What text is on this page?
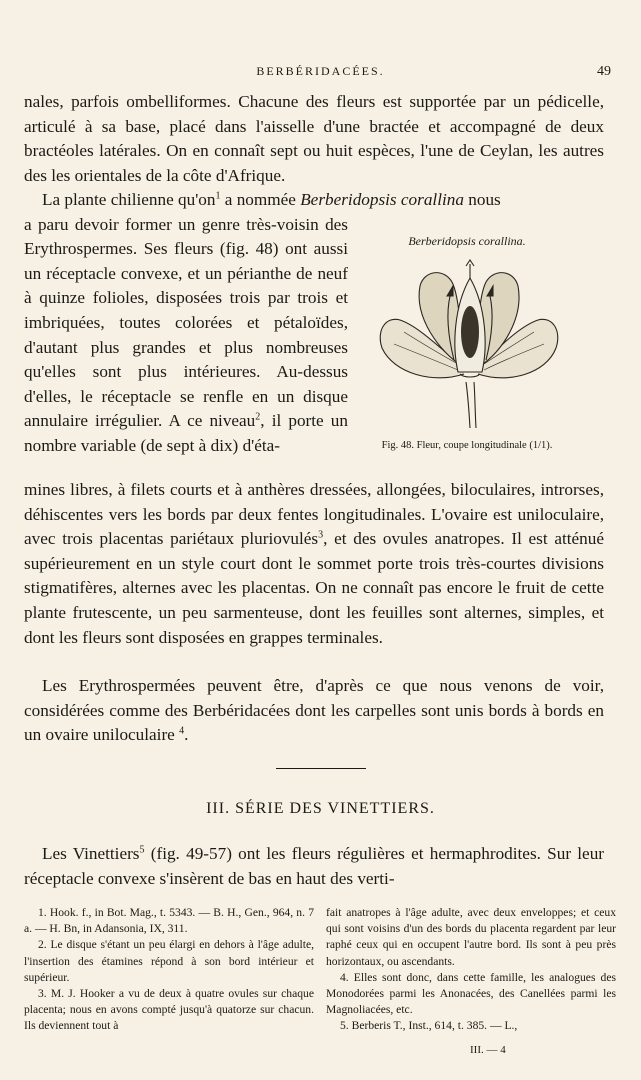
BERBÉRIDACÉES.	49
nales, parfois ombelliformes. Chacune des fleurs est supportée par un pédicelle, articulé à sa base, placé dans l'aisselle d'une bractée et accompagné de deux bractéoles latérales. On en connaît sept ou huit espèces, l'une de Ceylan, les autres des les orientales de la côte d'Afrique.
La plante chilienne $qu'on^1$ a nommée Berberidopsis corallina nous
a paru devoir former un genre très-voisin des Erythrospermes. Ses fleurs (fig. 48) ont aussi un réceptacle convexe, et un périanthe de neuf à quinze folioles, disposées trois par trois et imbriquées, toutes colorées et pétaloïdes, d'autant plus grandes et plus nombreuses qu'elles sont plus intérieures. Au-dessus d'elles, le réceptacle se renfle en un disque annulaire irrégulier. A ce niveau$^2$, il porte un nombre variable (de sept à dix) d'éta-
Berberidopsis corallina.
Fig. 48. Fleur, coupe longitudinale (1/1).
mines libres, à filets courts et à anthères dressées, allongées, biloculaires, introrses, déhiscentes vers les bords par deux fentes longitudinales. L'ovaire est uniloculaire, avec trois placentas pariétaux pluriovulés$^3$, et des ovules anatropes. Il est atténué supérieurement en un style court dont le sommet porte trois très-courtes divisions stigmatifères, alternes avec les placentas. On ne connaît pas encore le fruit de cette plante frutescente, un peu sarmenteuse, dont les feuilles sont alternes, simples, et dont les fleurs sont disposées en grappes terminales.
Les Erythrospermées peuvent être, d'après ce que nous venons de voir, considérées comme des Berbéridacées dont les carpelles sont unis bords à bords en un ovaire uniloculaire $^4$.
III. SÉRIE DES VINETTIERS.
Les Vinettiers$^5$ (fig. 49-57) ont les fleurs régulières et hermaphrodites. Sur leur réceptacle convexe s'insèrent de bas en haut des verti-

1. Hook. f., in Bot. Mag., t. 5343. — B. H., Gen., 964, n. 7 a. — H. Bn, in Adansonia, IX, 311.

2. Le disque s'étant un peu élargi en dehors à l'âge adulte, l'insertion des étamines répond à son bord intérieur et supérieur.

3. M. J. Hooker a vu de deux à quatre ovules sur chaque placenta; nous en avons compté jusqu'à quatorze sur chacun. Ils deviennent tout à

fait anatropes à l'âge adulte, avec deux enveloppes; et ceux qui sont voisins d'un des bords du placenta regardent par leur raphé ceux qui en occupent l'autre bord. Ils sont à peu près horizontaux, ou ascendants.

4. Elles sont donc, dans cette famille, les analogues des Monodorées parmi les Anonacées, des Canellées parmi les Magnoliacées, etc.

5. Berberis T., Inst., 614, t. 385. — L.,

III. — 4
